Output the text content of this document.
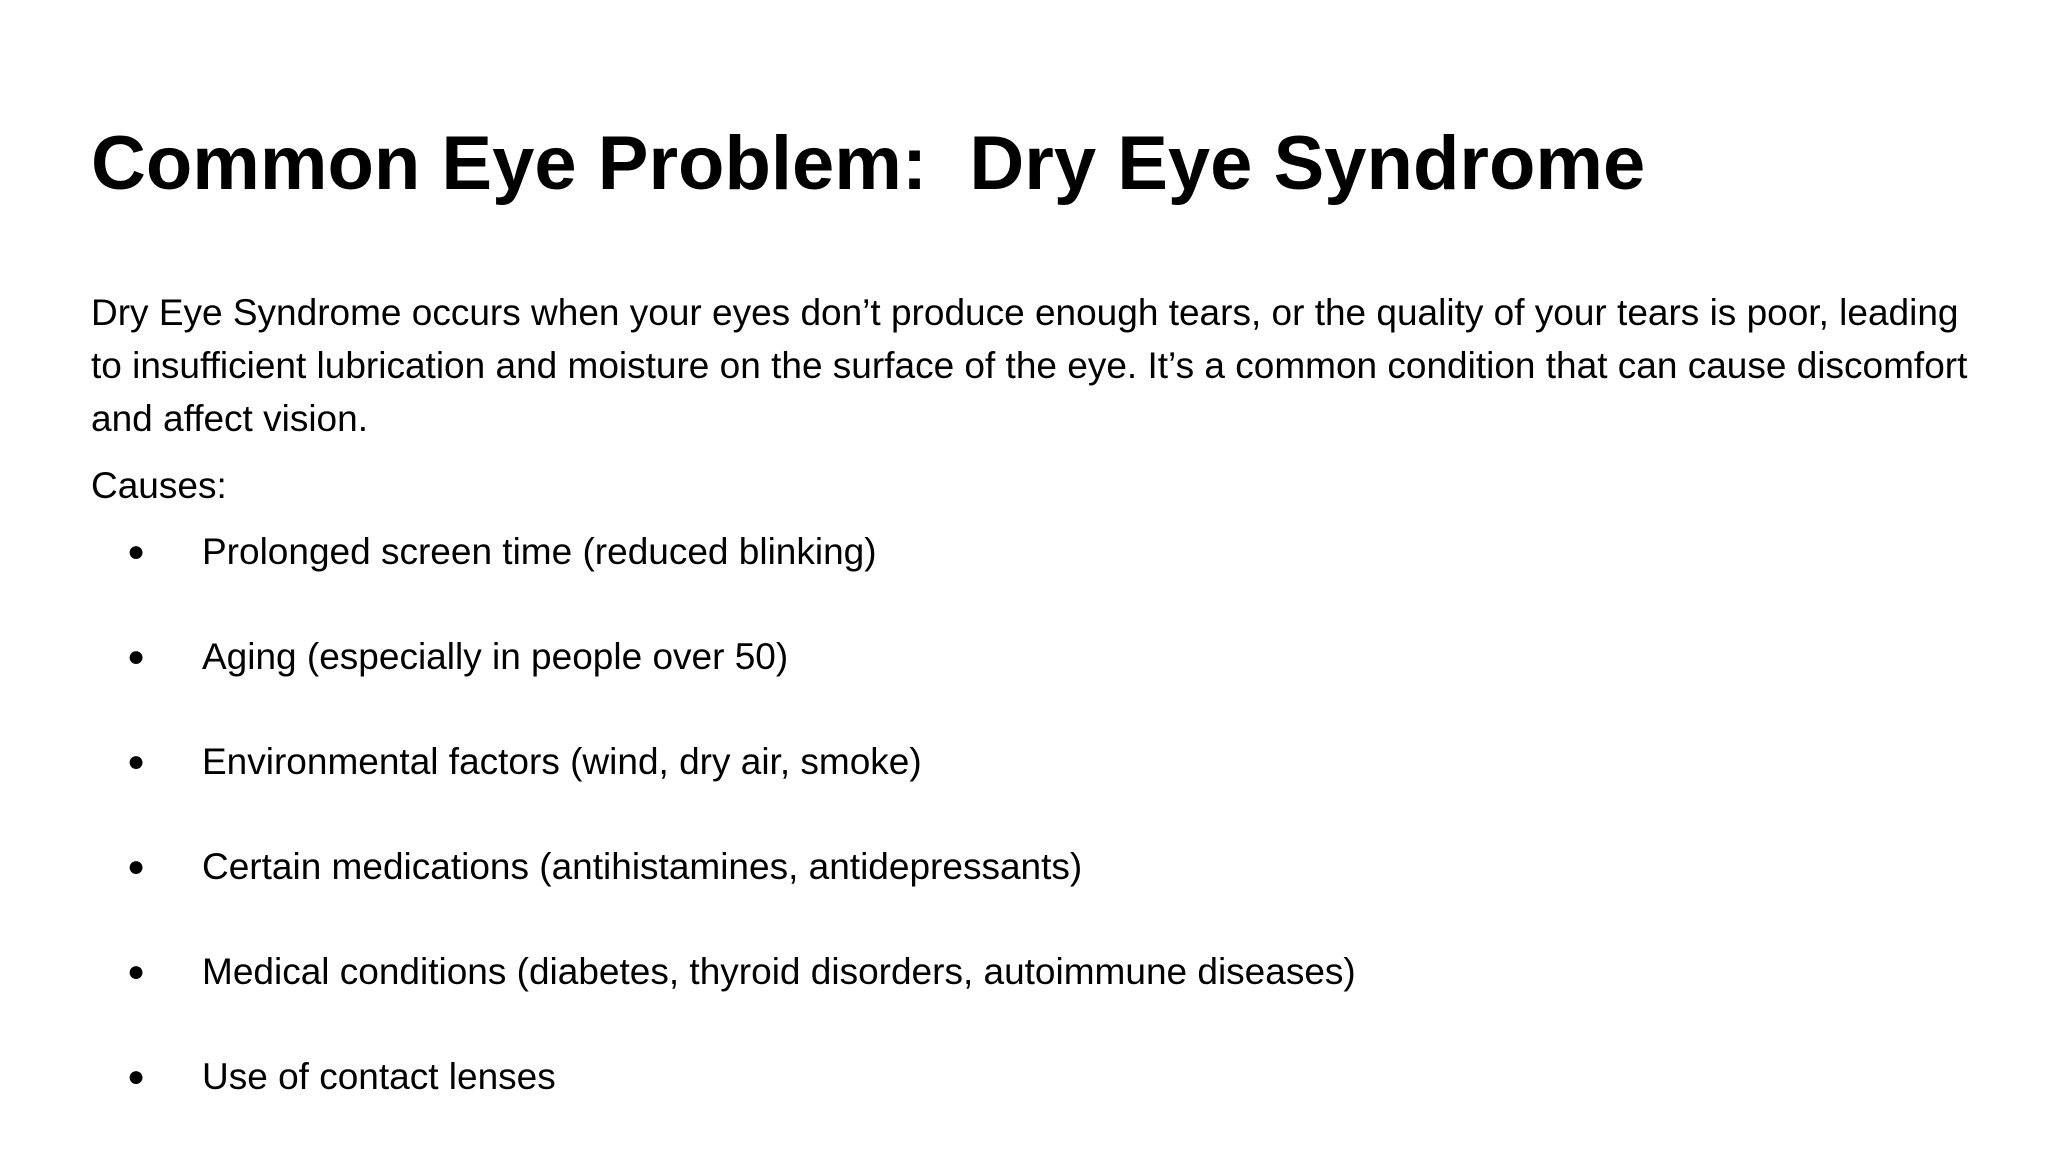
Common Eye Problem:  Dry Eye Syndrome

Dry Eye Syndrome occurs when your eyes don’t produce enough tears, or the quality of your tears is poor, leading to insufficient lubrication and moisture on the surface of the eye. It’s a common condition that can cause discomfort and affect vision.

Causes:

● Prolonged screen time (reduced blinking)
● Aging (especially in people over 50)
● Environmental factors (wind, dry air, smoke)
● Certain medications (antihistamines, antidepressants)
● Medical conditions (diabetes, thyroid disorders, autoimmune diseases)
● Use of contact lenses
